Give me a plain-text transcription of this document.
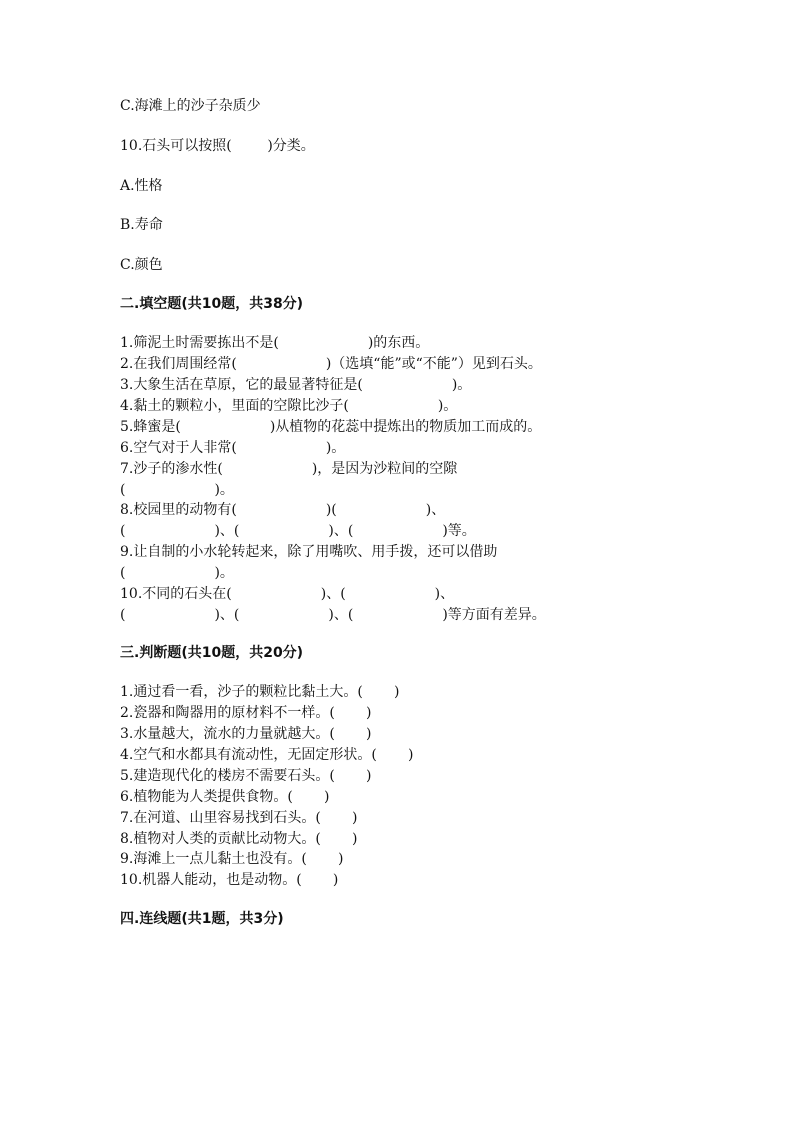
C.海滩上的沙子杂质少
10.石头可以按照(        )分类。
A.性格
B.寿命
C.颜色
二.填空题(共10题，共38分)
1.筛泥土时需要拣出不是(                    )的东西。
2.在我们周围经常(                    )（选填“能”或“不能”）见到石头。
3.大象生活在草原，它的最显著特征是(                    )。
4.黏土的颗粒小，里面的空隙比沙子(                    )。
5.蜂蜜是(                    )从植物的花蕊中提炼出的物质加工而成的。
6.空气对于人非常(                    )。
7.沙子的渗水性(                    )，是因为沙粒间的空隙
(                    )。
8.校园里的动物有(                    )(                    )、
(                    )、(                    )、(                    )等。
9.让自制的小水轮转起来，除了用嘴吹、用手拨，还可以借助
(                    )。
10.不同的石头在(                    )、(                    )、
(                    )、(                    )、(                    )等方面有差异。
三.判断题(共10题，共20分)
1.通过看一看，沙子的颗粒比黏土大。(       )
2.瓷器和陶器用的原材料不一样。(       )
3.水量越大，流水的力量就越大。(       )
4.空气和水都具有流动性，无固定形状。(       )
5.建造现代化的楼房不需要石头。(       )
6.植物能为人类提供食物。(       )
7.在河道、山里容易找到石头。(       )
8.植物对人类的贡献比动物大。(       )
9.海滩上一点儿黏土也没有。(       )
10.机器人能动，也是动物。(       )
四.连线题(共1题，共3分)
